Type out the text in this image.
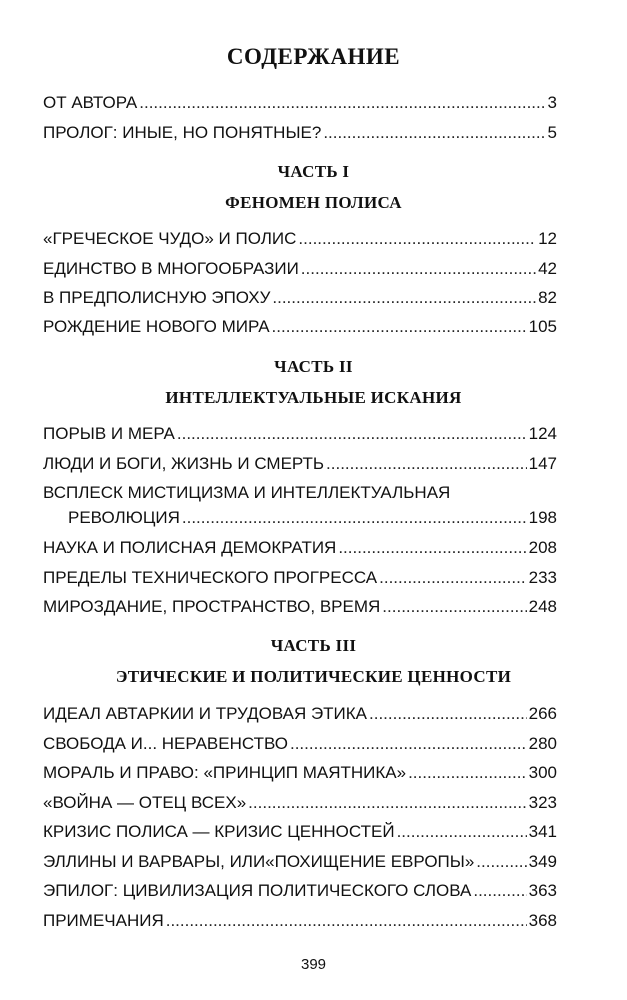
СОДЕРЖАНИЕ
ОТ АВТОРА .....	3
ПРОЛОГ: ИНЫЕ, НО ПОНЯТНЫЕ? .....	5
ЧАСТЬ I
ФЕНОМЕН ПОЛИСА
«ГРЕЧЕСКОЕ ЧУДО» И ПОЛИС .....	12
ЕДИНСТВО В МНОГООБРАЗИИ .....	42
В ПРЕДПОЛИСНУЮ ЭПОХУ .....	82
РОЖДЕНИЕ НОВОГО МИРА .....	105
ЧАСТЬ II
ИНТЕЛЛЕКТУАЛЬНЫЕ ИСКАНИЯ
ПОРЫВ И МЕРА .....	124
ЛЮДИ И БОГИ, ЖИЗНЬ И СМЕРТЬ .....	147
ВСПЛЕСК МИСТИЦИЗМА И ИНТЕЛЛЕКТУАЛЬНАЯ
РЕВОЛЮЦИЯ .....	198
НАУКА И ПОЛИСНАЯ ДЕМОКРАТИЯ .....	208
ПРЕДЕЛЫ ТЕХНИЧЕСКОГО ПРОГРЕССА .....	233
МИРОЗДАНИЕ, ПРОСТРАНСТВО, ВРЕМЯ .....	248
ЧАСТЬ III
ЭТИЧЕСКИЕ И ПОЛИТИЧЕСКИЕ ЦЕННОСТИ
ИДЕАЛ АВТАРКИИ И ТРУДОВАЯ ЭТИКА .....	266
СВОБОДА И... НЕРАВЕНСТВО .....	280
МОРАЛЬ И ПРАВО: «ПРИНЦИП МАЯТНИКА» .....	300
«ВОЙНА — ОТЕЦ ВСЕХ» .....	323
КРИЗИС ПОЛИСА — КРИЗИС ЦЕННОСТЕЙ .....	341
ЭЛЛИНЫ И ВАРВАРЫ, ИЛИ«ПОХИЩЕНИЕ ЕВРОПЫ» .....	349
ЭПИЛОГ: ЦИВИЛИЗАЦИЯ ПОЛИТИЧЕСКОГО СЛОВА .....	363
ПРИМЕЧАНИЯ .....	368
399
